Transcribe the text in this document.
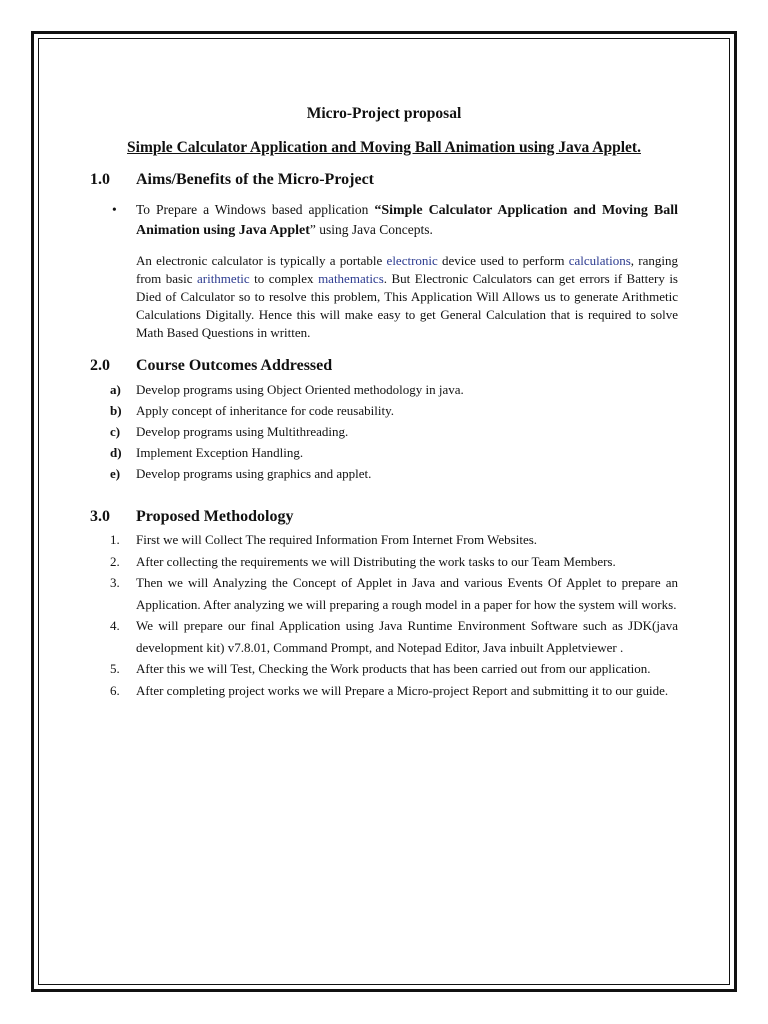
Micro-Project proposal

Simple Calculator Application and Moving Ball Animation using Java Applet.

1.0	Aims/Benefits of the Micro-Project
•	To Prepare a Windows based application “Simple Calculator Application and Moving Ball Animation using Java Applet” using Java Concepts.

An electronic calculator is typically a portable electronic device used to perform calculations, ranging from basic arithmetic to complex mathematics. But Electronic Calculators can get errors if Battery is Died of Calculator so to resolve this problem, This Application Will Allows us to generate Arithmetic Calculations Digitally. Hence this will make easy to get General Calculation that is required to solve Math Based Questions in written.

2.0	Course Outcomes Addressed
a)	Develop programs using Object Oriented methodology in java.
b)	Apply concept of inheritance for code reusability.
c)	Develop programs using Multithreading.
d)	Implement Exception Handling.
e)	Develop programs using graphics and applet.
3.0	Proposed Methodology
1.	First we will Collect The required Information From Internet From Websites.
2.	After collecting the requirements we will Distributing the work tasks to our Team Members.
3.	Then we will Analyzing the Concept of Applet in Java and various Events Of Applet to prepare an Application. After analyzing we will preparing a rough model in a paper for how the system will works.
4.	We will prepare our final Application using Java Runtime Environment Software such as JDK(java development kit) v7.8.01, Command Prompt, and Notepad Editor, Java inbuilt Appletviewer .
5.	After this we will Test, Checking the Work products that has been carried out from our application.
6.	After completing project works we will Prepare a Micro-project Report and submitting it to our guide.
